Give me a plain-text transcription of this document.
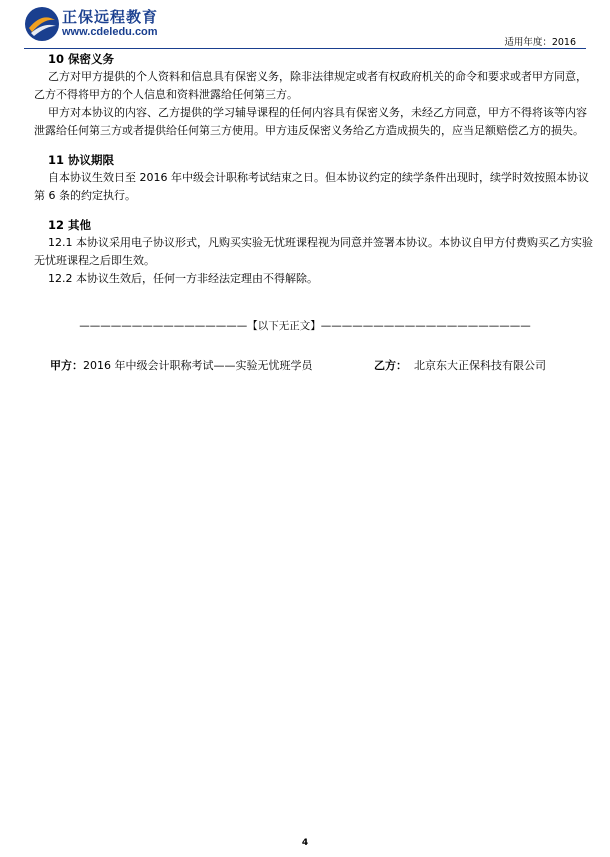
正保远程教育
www.cdeledu.com
适用年度：2016
10 保密义务

乙方对甲方提供的个人资料和信息具有保密义务，除非法律规定或者有权政府机关的命令和要求或者甲方同意，乙方不得将甲方的个人信息和资料泄露给任何第三方。

甲方对本协议的内容、乙方提供的学习辅导课程的任何内容具有保密义务，未经乙方同意，甲方不得将该等内容泄露给任何第三方或者提供给任何第三方使用。甲方违反保密义务给乙方造成损失的，应当足额赔偿乙方的损失。

11 协议期限

自本协议生效日至 2016 年中级会计职称考试结束之日。但本协议约定的续学条件出现时，续学时效按照本协议第 6 条的约定执行。

12 其他

12.1 本协议采用电子协议形式，凡购买实验无忧班课程视为同意并签署本协议。本协议自甲方付费购买乙方实验无忧班课程之后即生效。

12.2 本协议生效后，任何一方非经法定理由不得解除。

————————————————【以下无正文】————————————————————
甲方：2016 年中级会计职称考试——实验无忧班学员	乙方： 北京东大正保科技有限公司
4
